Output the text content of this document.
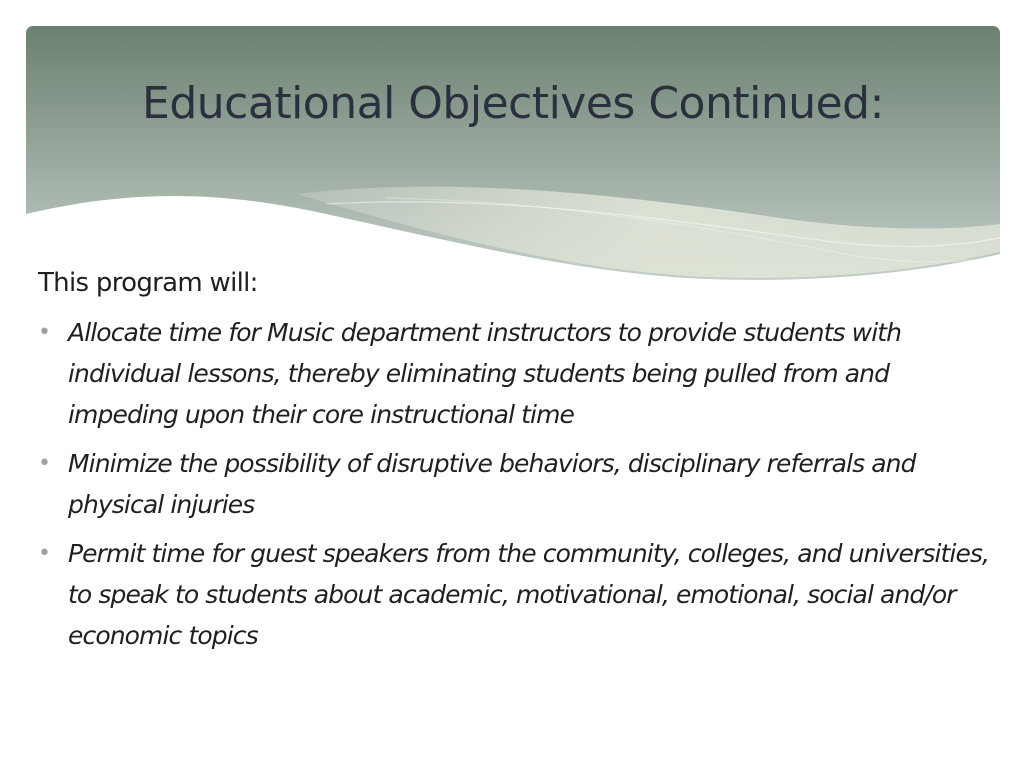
Educational Objectives Continued:

This program will:

• Allocate time for Music department instructors to provide students with individual lessons, thereby eliminating students being pulled from and impeding upon their core instructional time
• Minimize the possibility of disruptive behaviors, disciplinary referrals and physical injuries
• Permit time for guest speakers from the community, colleges, and universities, to speak to students about academic, motivational, emotional, social and/or economic topics
